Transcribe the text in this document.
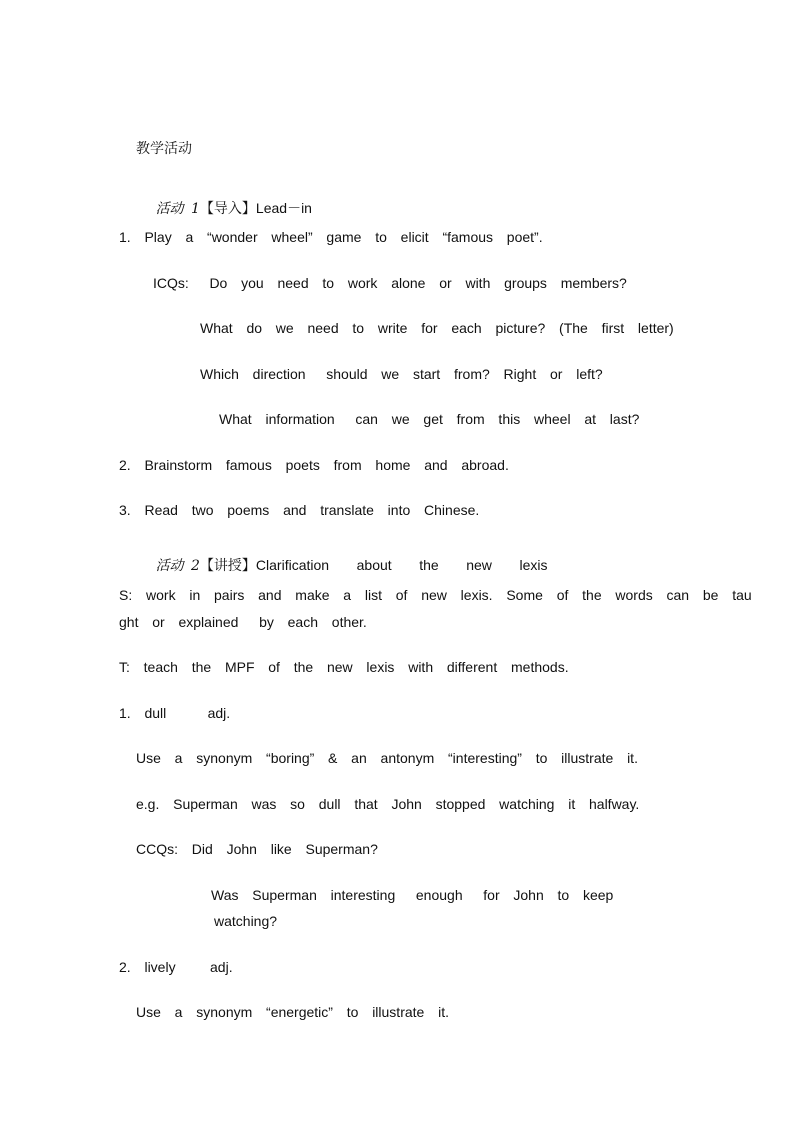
教学活动

活动 1【导入】Lead－in

1.  Play  a  “wonder  wheel”  game  to  elicit  “famous  poet”.
ICQs:   Do  you  need  to  work  alone  or  with  groups  members?
What  do  we  need  to  write  for  each  picture?  (The  first  letter)
Which  direction   should  we  start  from?  Right  or  left?
What  information   can  we  get  from  this  wheel  at  last?
2.  Brainstorm  famous  poets  from  home  and  abroad.
3.  Read  two  poems  and  translate  into  Chinese.

活动 2【讲授】Clarification    about    the    new    lexis

S:  work  in  pairs  and  make  a  list  of  new  lexis.  Some  of  the  words  can  be  tau
ght  or  explained   by  each  other.
T:  teach  the  MPF  of  the  new  lexis  with  different  methods.
1.  dull      adj.
Use  a  synonym  “boring”  &  an  antonym  “interesting”  to  illustrate  it.
e.g.  Superman  was  so  dull  that  John  stopped  watching  it  halfway.
CCQs:  Did  John  like  Superman?
Was  Superman  interesting   enough   for  John  to  keep
watching?
2.  lively     adj.
Use  a  synonym  “energetic”  to  illustrate  it.
